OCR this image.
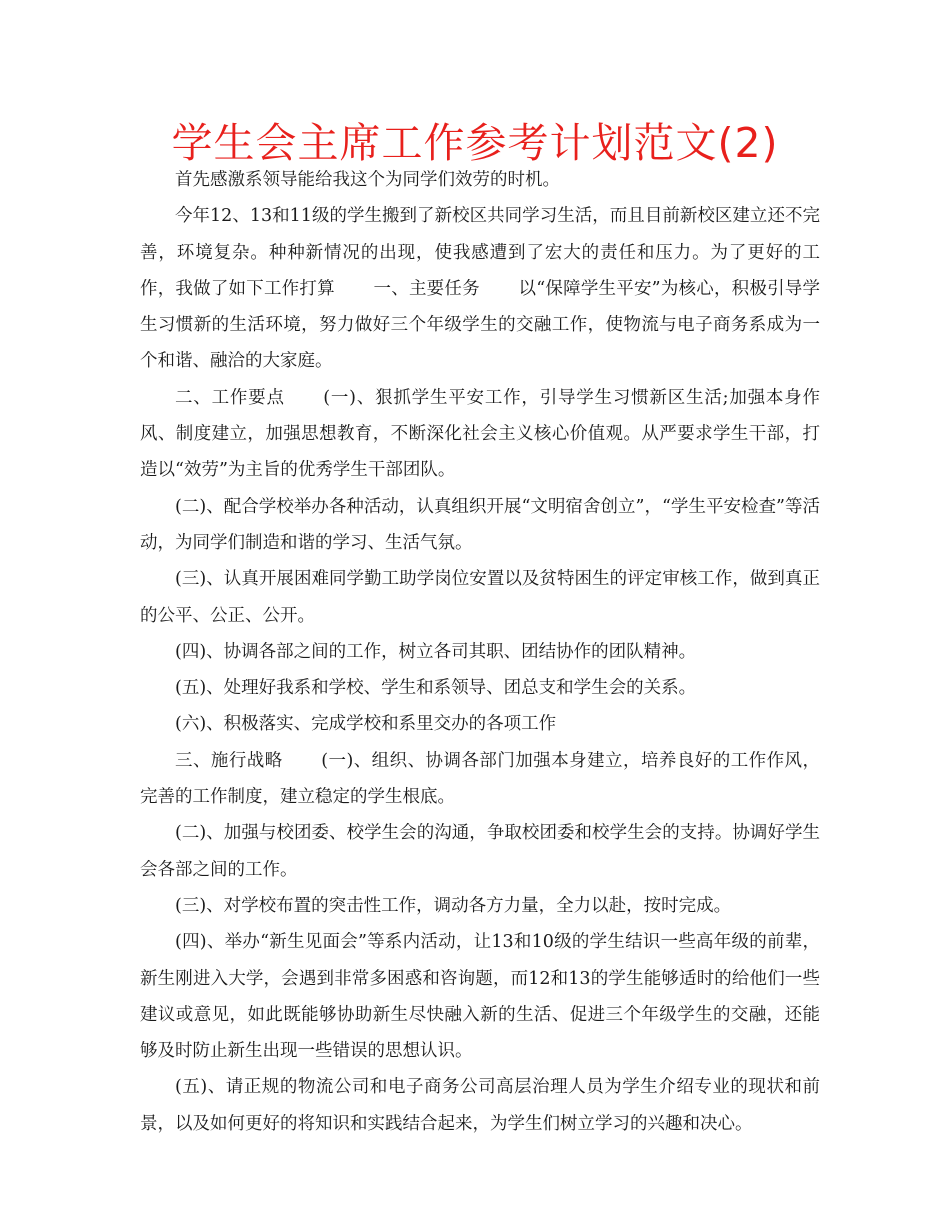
学生会主席工作参考计划范文(2)

首先感激系领导能给我这个为同学们效劳的时机。

今年12、13和11级的学生搬到了新校区共同学习生活，而且目前新校区建立还不完善，环境复杂。种种新情况的出现，使我感遭到了宏大的责任和压力。为了更好的工作，我做了如下工作打算 一、主要任务 以“保障学生平安”为核心，积极引导学生习惯新的生活环境，努力做好三个年级学生的交融工作，使物流与电子商务系成为一个和谐、融洽的大家庭。

二、工作要点 (一)、狠抓学生平安工作，引导学生习惯新区生活;加强本身作风、制度建立，加强思想教育，不断深化社会主义核心价值观。从严要求学生干部，打造以“效劳”为主旨的优秀学生干部团队。

(二)、配合学校举办各种活动，认真组织开展“文明宿舍创立”，“学生平安检查”等活动，为同学们制造和谐的学习、生活气氛。

(三)、认真开展困难同学勤工助学岗位安置以及贫特困生的评定审核工作，做到真正的公平、公正、公开。

(四)、协调各部之间的工作，树立各司其职、团结协作的团队精神。

(五)、处理好我系和学校、学生和系领导、团总支和学生会的关系。

(六)、积极落实、完成学校和系里交办的各项工作

三、施行战略 (一)、组织、协调各部门加强本身建立，培养良好的工作作风，完善的工作制度，建立稳定的学生根底。

(二)、加强与校团委、校学生会的沟通，争取校团委和校学生会的支持。协调好学生会各部之间的工作。

(三)、对学校布置的突击性工作，调动各方力量，全力以赴，按时完成。

(四)、举办“新生见面会”等系内活动，让13和10级的学生结识一些高年级的前辈，新生刚进入大学，会遇到非常多困惑和咨询题，而12和13的学生能够适时的给他们一些建议或意见，如此既能够协助新生尽快融入新的生活、促进三个年级学生的交融，还能够及时防止新生出现一些错误的思想认识。

(五)、请正规的物流公司和电子商务公司高层治理人员为学生介绍专业的现状和前景，以及如何更好的将知识和实践结合起来，为学生们树立学习的兴趣和决心。
